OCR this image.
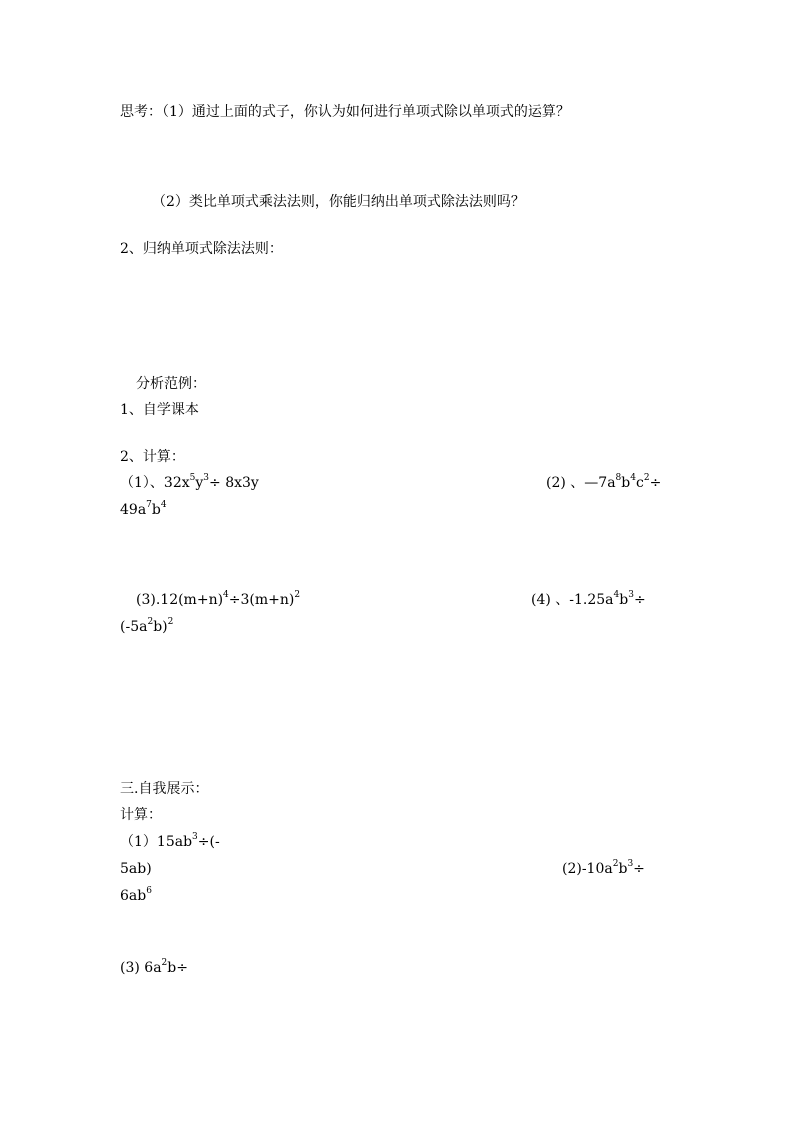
思考：（1）通过上面的式子，你认为如何进行单项式除以单项式的运算？
（2）类比单项式乘法法则，你能归纳出单项式除法法则吗？
2、归纳单项式除法法则：
分析范例：
1、自学课本
2、计算：
（1）、$32x^5y^3\div 8x3y$	(2) 、$—7a^8b^4c^2\div$
$49a^7b^4$
$(3).12(m+n)^4\div 3(m+n)^2$	(4) 、$-1.25a^4b^3\div$
$(-5a^2b)^2$
三.自我展示：
计算：
$(1)15ab^3\div(-$
5ab)	$(2)-10a^2b^3\div$
$6ab^6$
(3) $6a^2b\div$
